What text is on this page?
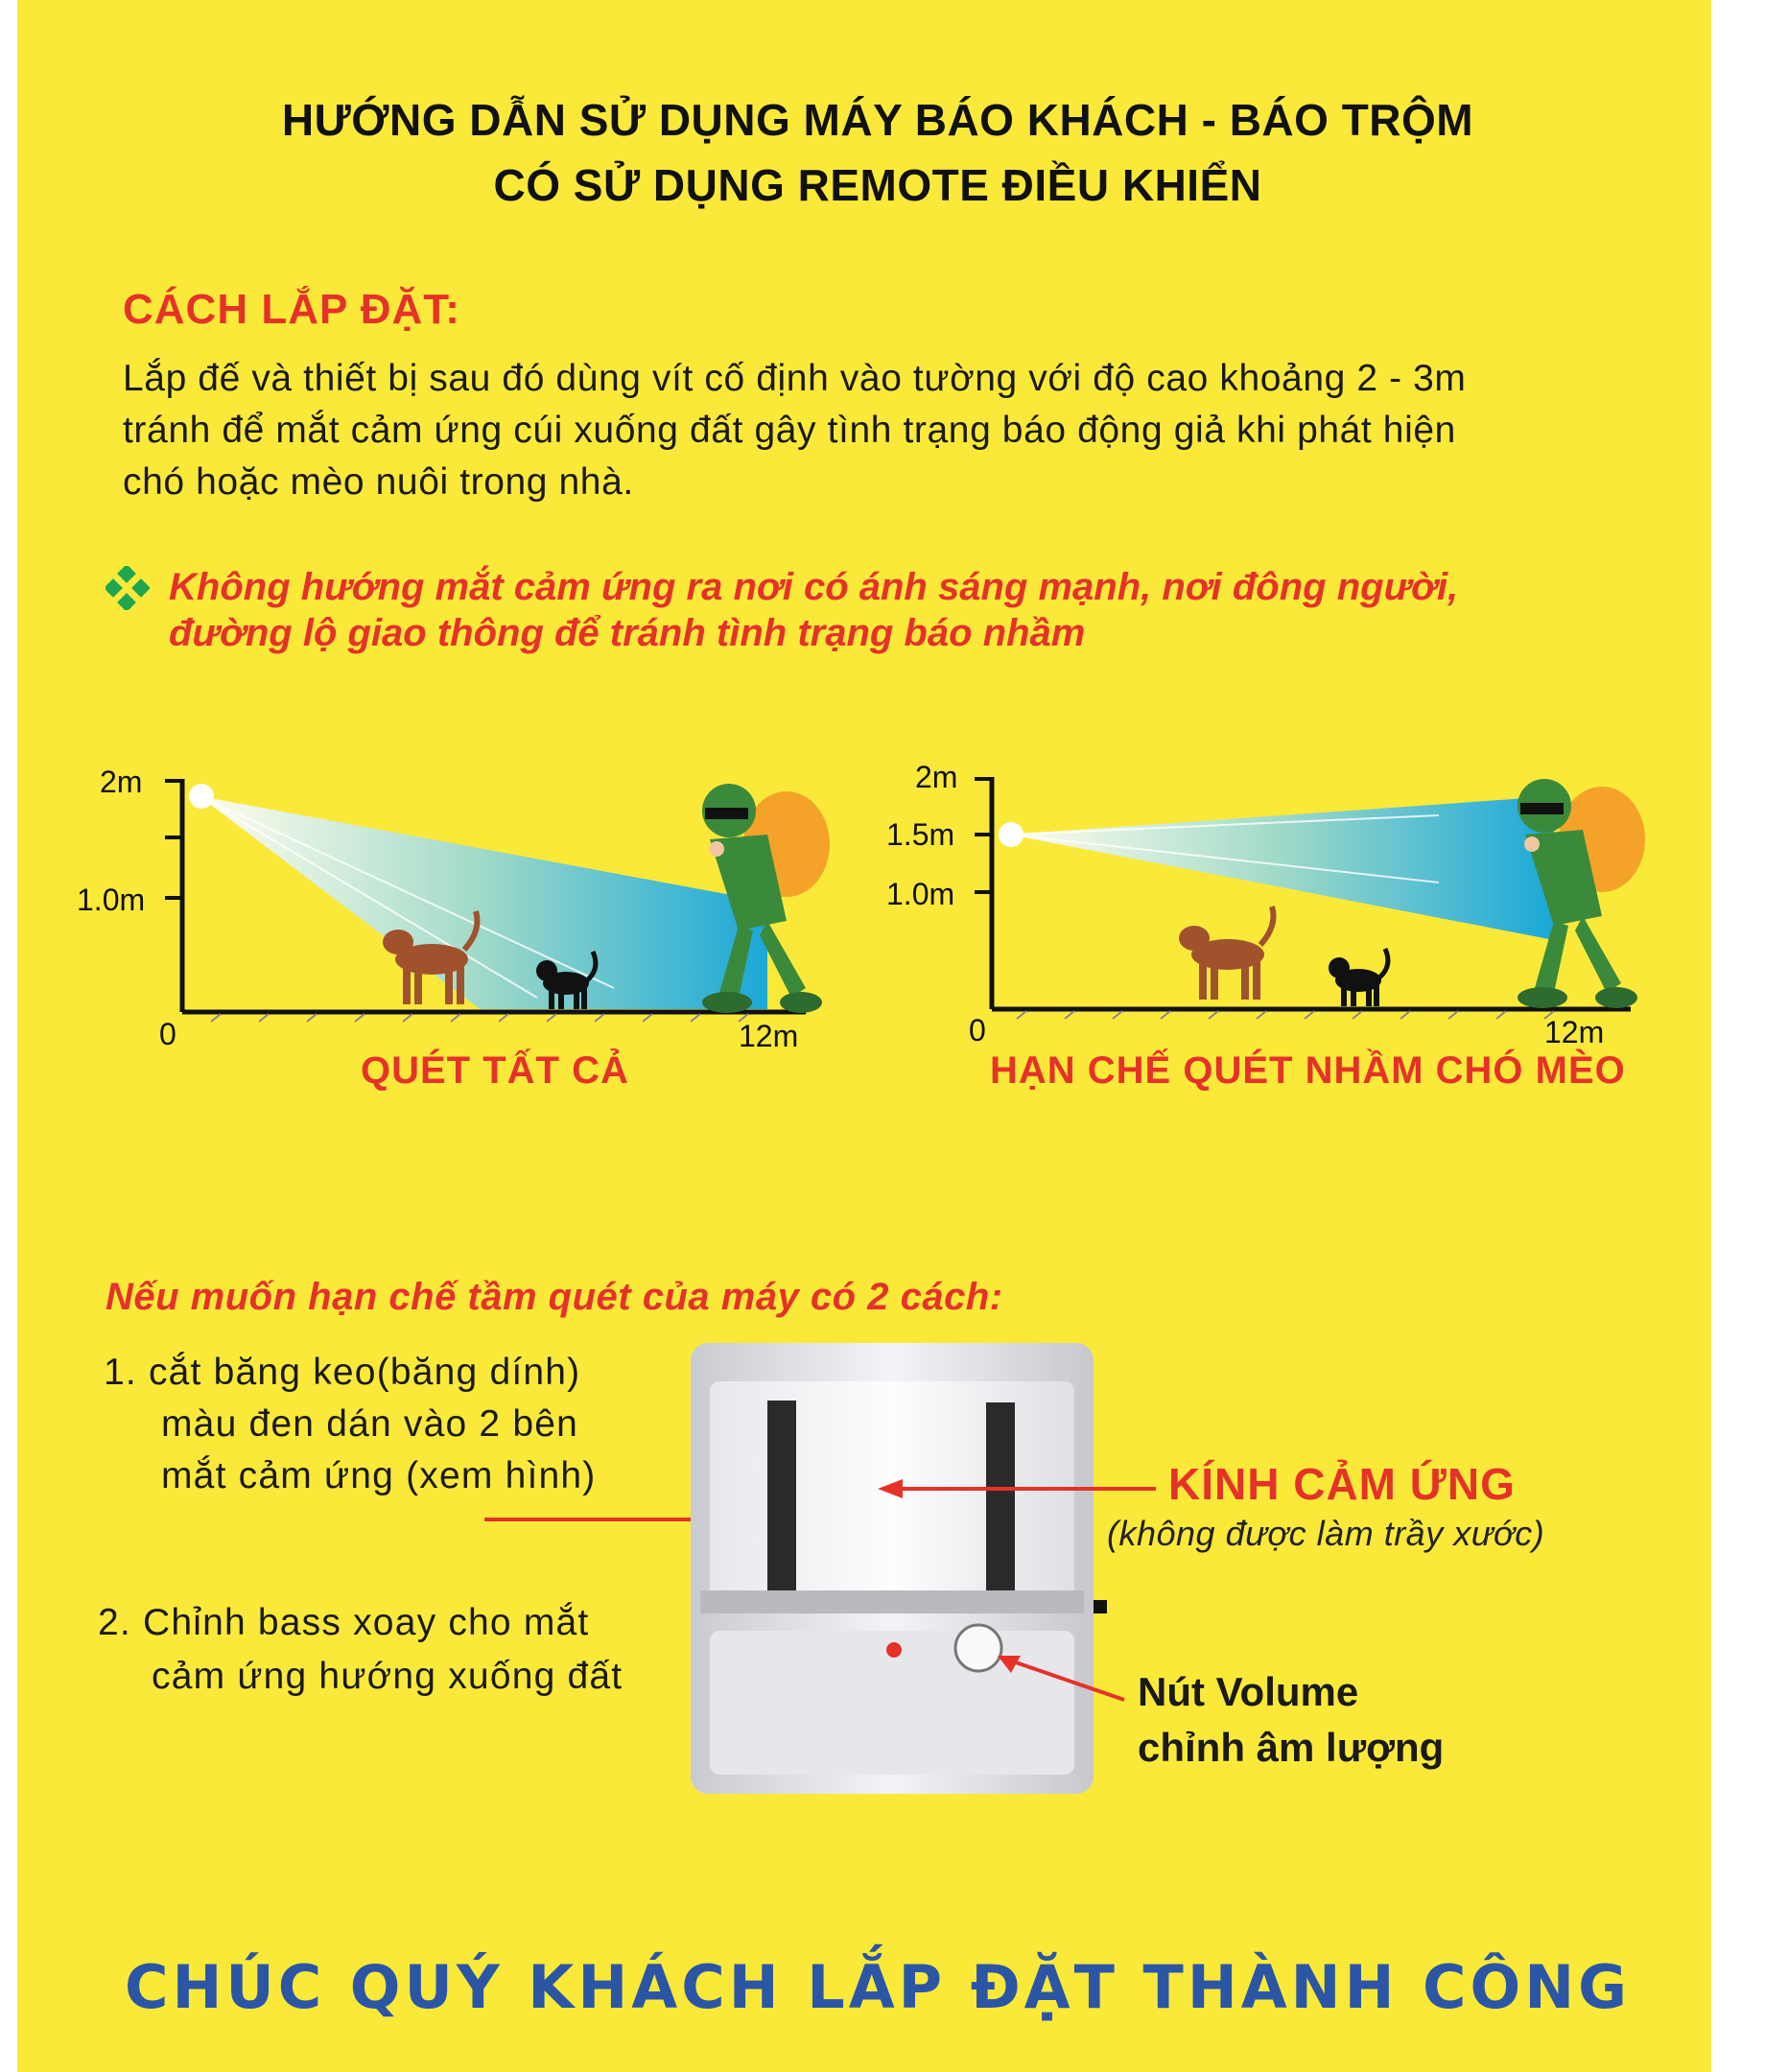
HƯỚNG DẪN SỬ DỤNG MÁY BÁO KHÁCH - BÁO TRỘM
CÓ SỬ DỤNG REMOTE ĐIỀU KHIỂN
CÁCH LẮP ĐẶT:
Lắp đế và thiết bị sau đó dùng vít cố định vào tường với độ cao khoảng 2 - 3m
tránh để mắt cảm ứng cúi xuống đất gây tình trạng báo động giả khi phát hiện
chó hoặc mèo nuôi trong nhà.
Không hướng mắt cảm ứng ra nơi có ánh sáng mạnh, nơi đông người,
đường lộ giao thông để tránh tình trạng báo nhầm
2m
1.0m
0	12m
QUÉT TẤT CẢ
2m
1.5m
1.0m
0	12m
HẠN CHẾ QUÉT NHẦM CHÓ MÈO
Nếu muốn hạn chế tầm quét của máy có 2 cách:
1. cắt băng keo(băng dính)
màu đen dán vào 2 bên
mắt cảm ứng (xem hình)
2. Chỉnh bass xoay cho mắt
cảm ứng hướng xuống đất
KÍNH CẢM ỨNG
(không được làm trầy xước)
Nút Volume
chỉnh âm lượng
CHÚC QUÝ KHÁCH LẮP ĐẶT THÀNH CÔNG
